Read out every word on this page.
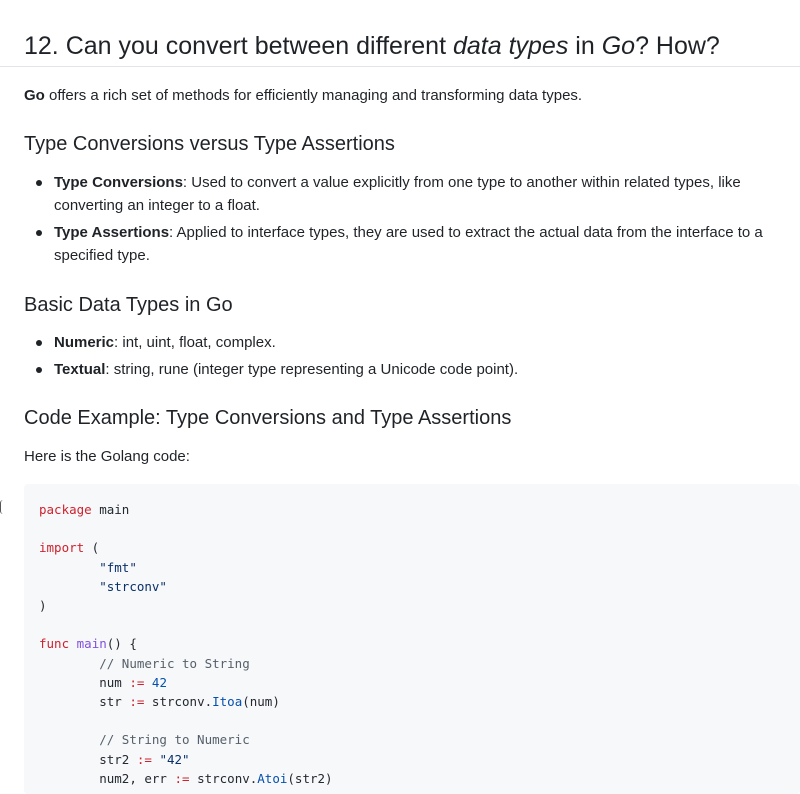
12. Can you convert between different data types in Go? How?

Go offers a rich set of methods for efficiently managing and transforming data types.

Type Conversions versus Type Assertions
Type Conversions: Used to convert a value explicitly from one type to another within related types, like converting an integer to a float.
Type Assertions: Applied to interface types, they are used to extract the actual data from the interface to a specified type.
Basic Data Types in Go
Numeric: int, uint, float, complex.
Textual: string, rune (integer type representing a Unicode code point).
Code Example: Type Conversions and Type Assertions

Here is the Golang code:

package main

import (
"fmt"
"strconv"
)

func main() {
// Numeric to String
num := 42
str := strconv.Itoa(num)

// String to Numeric
str2 := "42"
num2, err := strconv.Atoi(str2)
